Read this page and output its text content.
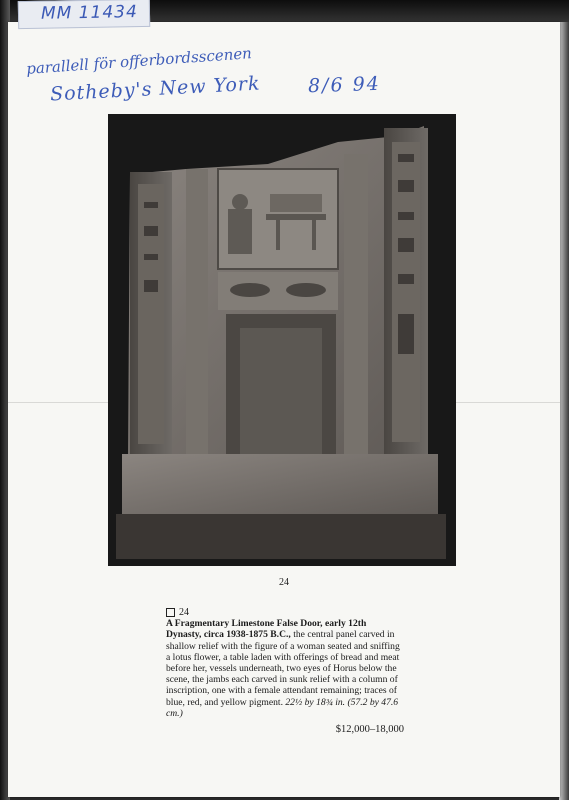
parallell för offerbordsscenen
Sotheby's New York 8/6 94
24
24
A Fragmentary Limestone False Door, early 12th Dynasty, circa 1938-1875 B.C., the central panel carved in shallow relief with the figure of a woman seated and sniffing a lotus flower, a table laden with offerings of bread and meat before her, vessels underneath, two eyes of Horus below the scene, the jambs each carved in sunk relief with a column of inscription, one with a female attendant remaining; traces of blue, red, and yellow pigment. 22½ by 18¾ in. (57.2 by 47.6 cm.)
$12,000–18,000
MM 11434
